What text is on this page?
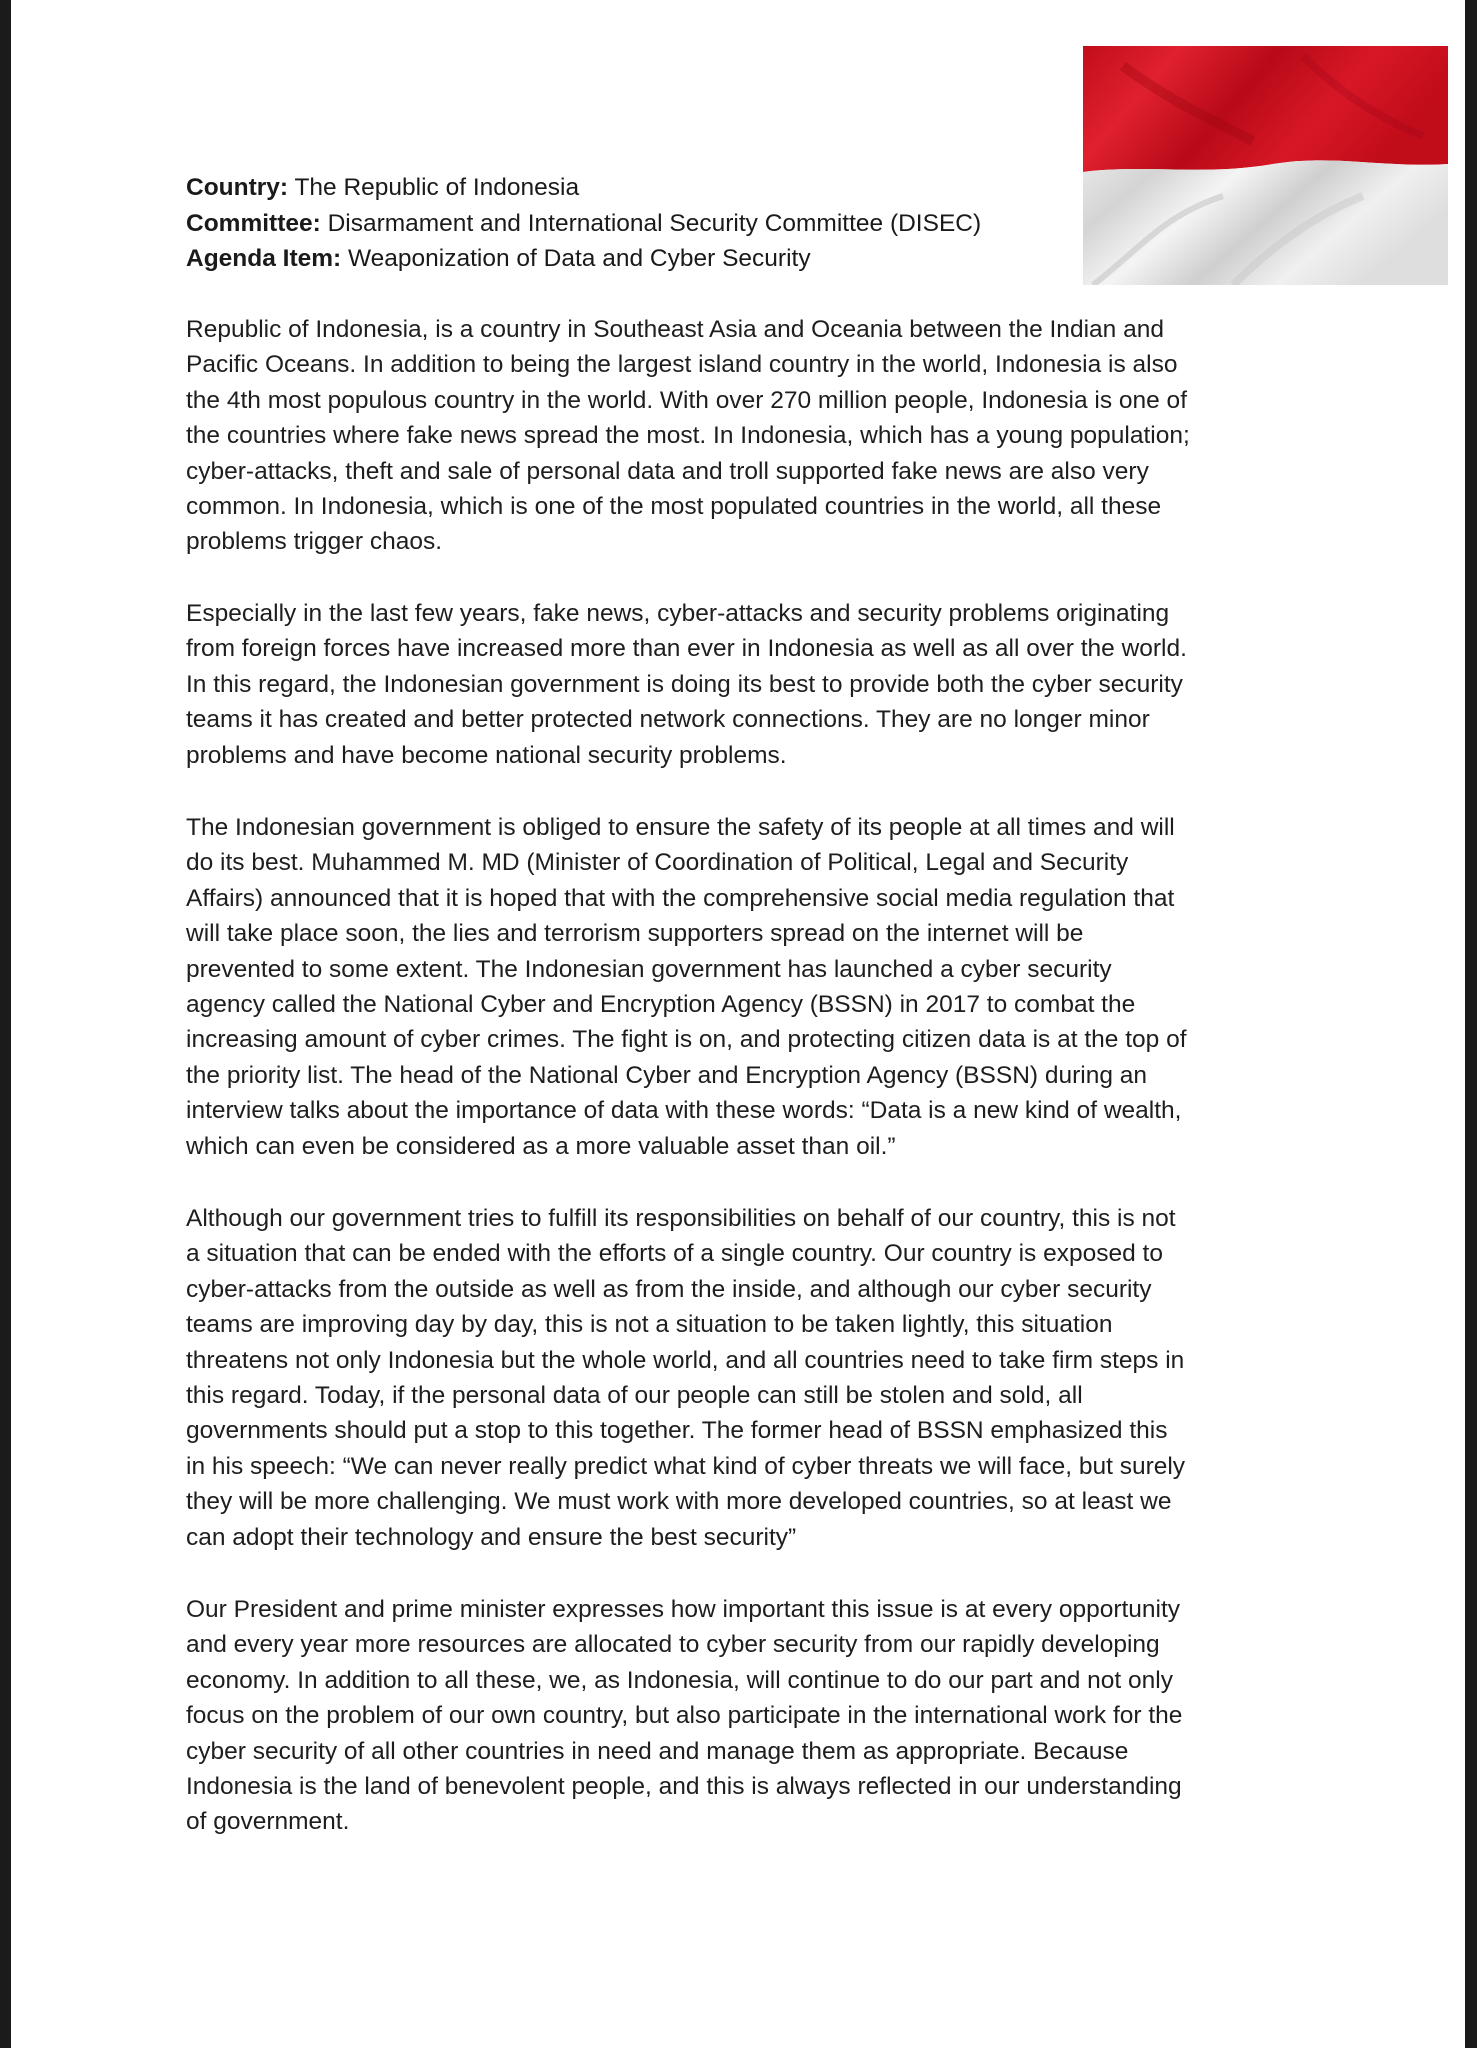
Country: The Republic of Indonesia
Committee: Disarmament and International Security Committee (DISEC)
Agenda Item: Weaponization of Data and Cyber Security
Republic of Indonesia, is a country in Southeast Asia and Oceania between the Indian and
Pacific Oceans. In addition to being the largest island country in the world, Indonesia is also
the 4th most populous country in the world. With over 270 million people, Indonesia is one of
the countries where fake news spread the most. In Indonesia, which has a young population;
cyber-attacks, theft and sale of personal data and troll supported fake news are also very
common. In Indonesia, which is one of the most populated countries in the world, all these
problems trigger chaos.
Especially in the last few years, fake news, cyber-attacks and security problems originating
from foreign forces have increased more than ever in Indonesia as well as all over the world.
In this regard, the Indonesian government is doing its best to provide both the cyber security
teams it has created and better protected network connections. They are no longer minor
problems and have become national security problems.
The Indonesian government is obliged to ensure the safety of its people at all times and will
do its best. Muhammed M. MD (Minister of Coordination of Political, Legal and Security
Affairs) announced that it is hoped that with the comprehensive social media regulation that
will take place soon, the lies and terrorism supporters spread on the internet will be
prevented to some extent. The Indonesian government has launched a cyber security
agency called the National Cyber and Encryption Agency (BSSN) in 2017 to combat the
increasing amount of cyber crimes. The fight is on, and protecting citizen data is at the top of
the priority list. The head of the National Cyber and Encryption Agency (BSSN) during an
interview talks about the importance of data with these words: “Data is a new kind of wealth,
which can even be considered as a more valuable asset than oil.”
Although our government tries to fulfill its responsibilities on behalf of our country, this is not
a situation that can be ended with the efforts of a single country. Our country is exposed to
cyber-attacks from the outside as well as from the inside, and although our cyber security
teams are improving day by day, this is not a situation to be taken lightly, this situation
threatens not only Indonesia but the whole world, and all countries need to take firm steps in
this regard. Today, if the personal data of our people can still be stolen and sold, all
governments should put a stop to this together. The former head of BSSN emphasized this
in his speech: “We can never really predict what kind of cyber threats we will face, but surely
they will be more challenging. We must work with more developed countries, so at least we
can adopt their technology and ensure the best security”
Our President and prime minister expresses how important this issue is at every opportunity
and every year more resources are allocated to cyber security from our rapidly developing
economy. In addition to all these, we, as Indonesia, will continue to do our part and not only
focus on the problem of our own country, but also participate in the international work for the
cyber security of all other countries in need and manage them as appropriate. Because
Indonesia is the land of benevolent people, and this is always reflected in our understanding
of government.
